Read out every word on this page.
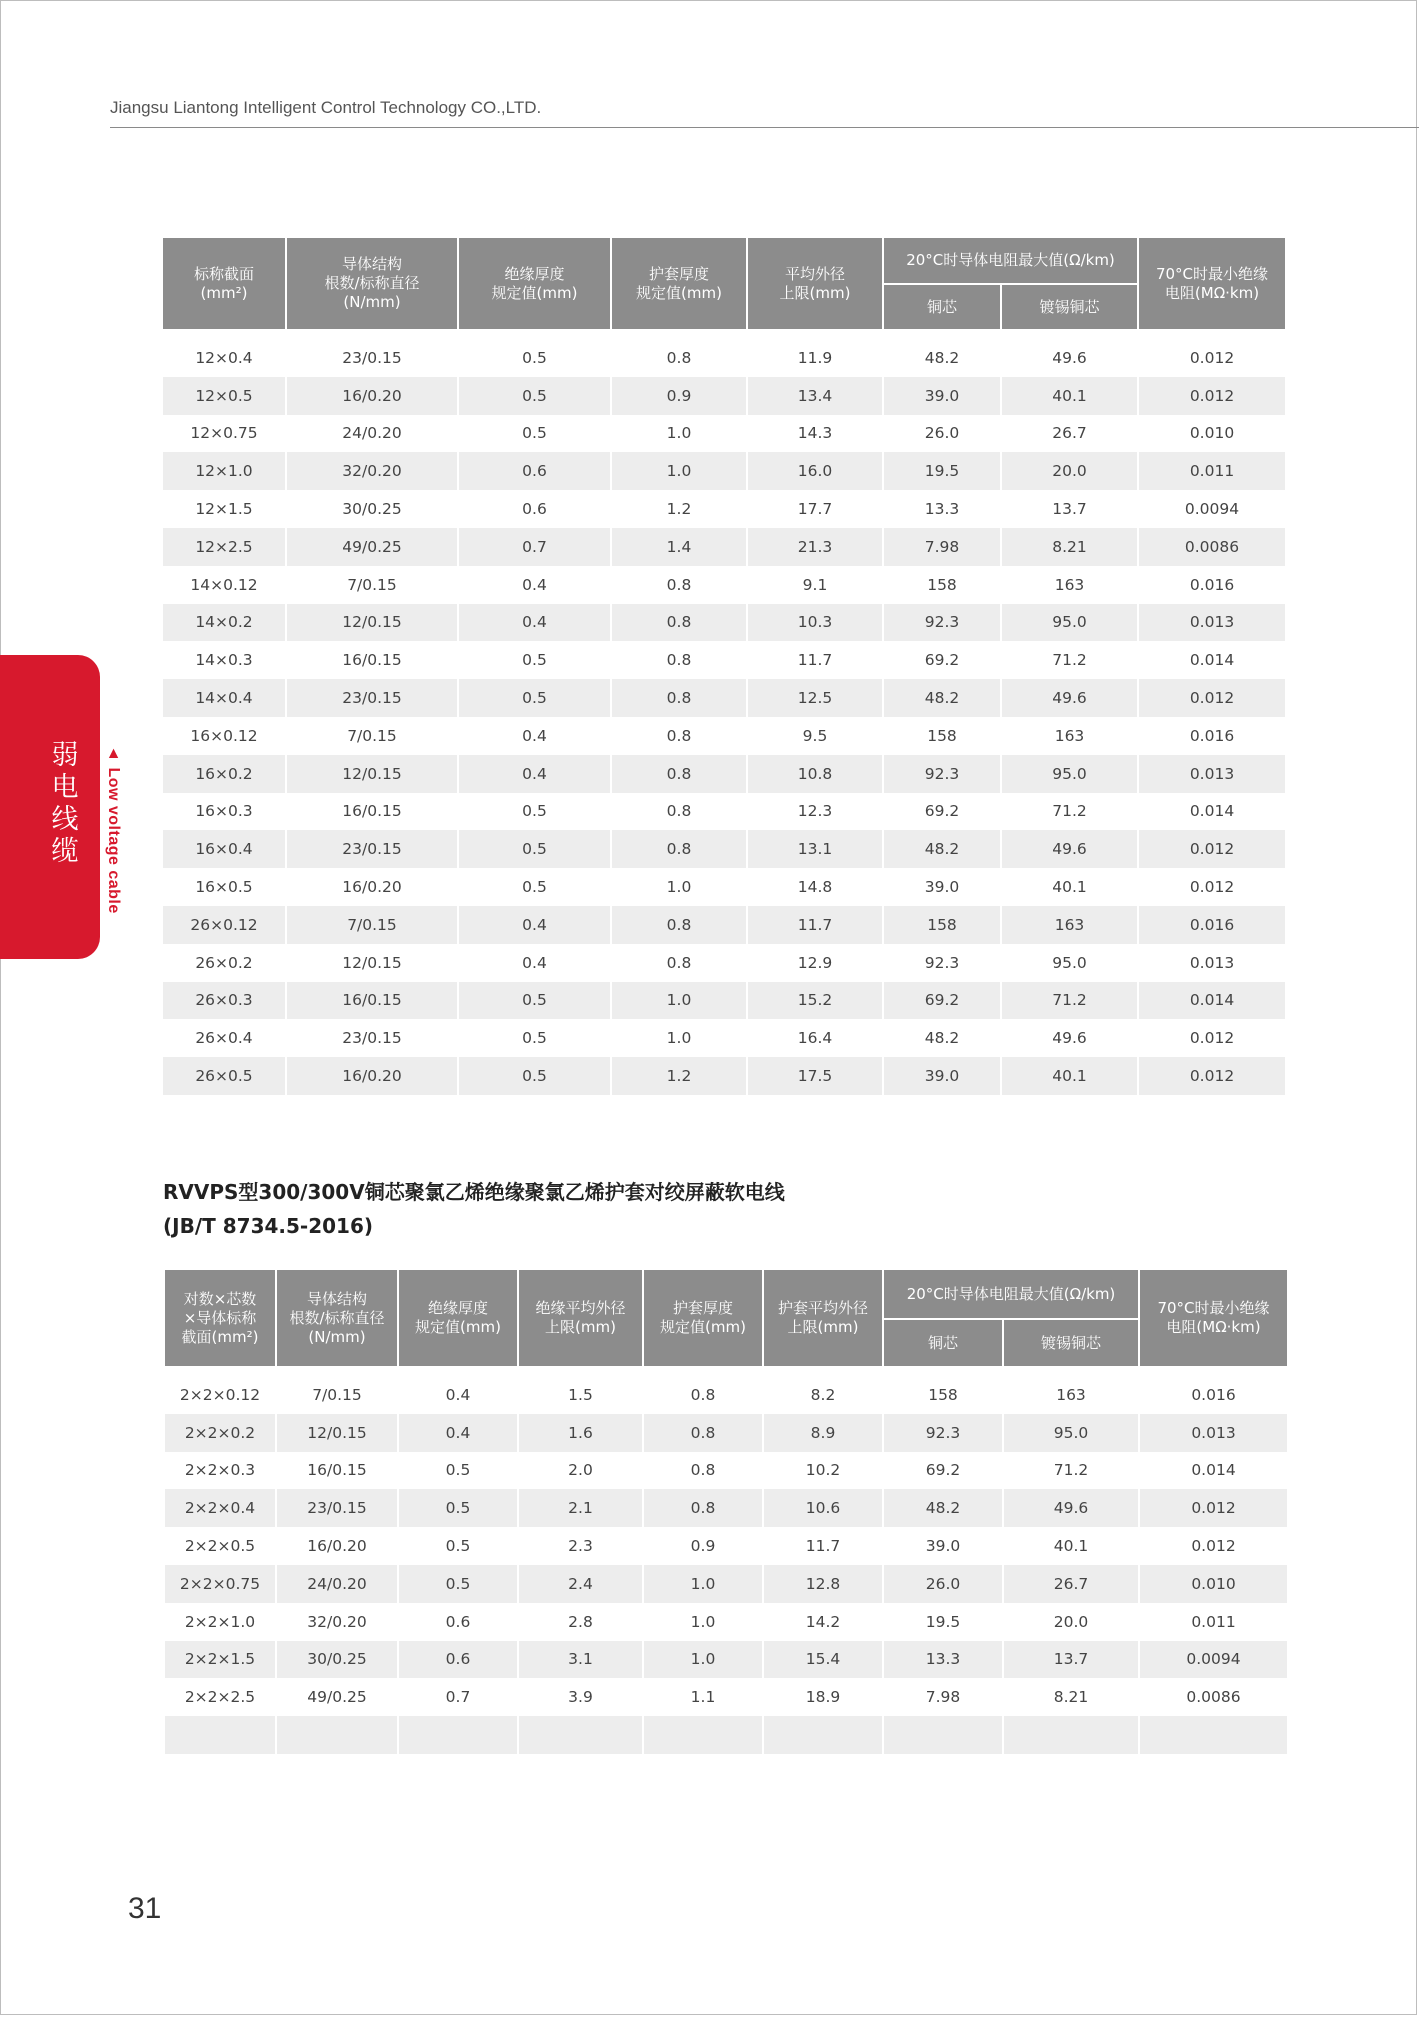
Jiangsu Liantong Intelligent Control Technology CO.,LTD.
弱电线缆 ▲ Low voltage cable
标称截面
(mm²)	导体结构
根数/标称直径
(N/mm)	绝缘厚度
规定值(mm)	护套厚度
规定值(mm)	平均外径
上限(mm)	20°C时导体电阻最大值(Ω/km)		70°C时最小绝缘
电阻(MΩ·km)
					铜芯	镀锡铜芯	

12×0.4	23/0.15	0.5	0.8	11.9	48.2	49.6	0.012
12×0.5	16/0.20	0.5	0.9	13.4	39.0	40.1	0.012
12×0.75	24/0.20	0.5	1.0	14.3	26.0	26.7	0.010
12×1.0	32/0.20	0.6	1.0	16.0	19.5	20.0	0.011
12×1.5	30/0.25	0.6	1.2	17.7	13.3	13.7	0.0094
12×2.5	49/0.25	0.7	1.4	21.3	7.98	8.21	0.0086
14×0.12	7/0.15	0.4	0.8	9.1	158	163	0.016
14×0.2	12/0.15	0.4	0.8	10.3	92.3	95.0	0.013
14×0.3	16/0.15	0.5	0.8	11.7	69.2	71.2	0.014
14×0.4	23/0.15	0.5	0.8	12.5	48.2	49.6	0.012
16×0.12	7/0.15	0.4	0.8	9.5	158	163	0.016
16×0.2	12/0.15	0.4	0.8	10.8	92.3	95.0	0.013
16×0.3	16/0.15	0.5	0.8	12.3	69.2	71.2	0.014
16×0.4	23/0.15	0.5	0.8	13.1	48.2	49.6	0.012
16×0.5	16/0.20	0.5	1.0	14.8	39.0	40.1	0.012
26×0.12	7/0.15	0.4	0.8	11.7	158	163	0.016
26×0.2	12/0.15	0.4	0.8	12.9	92.3	95.0	0.013
26×0.3	16/0.15	0.5	1.0	15.2	69.2	71.2	0.014
26×0.4	23/0.15	0.5	1.0	16.4	48.2	49.6	0.012
26×0.5	16/0.20	0.5	1.2	17.5	39.0	40.1	0.012
RVVPS型300/300V铜芯聚氯乙烯绝缘聚氯乙烯护套对绞屏蔽软电线
(JB/T 8734.5-2016)
对数×芯数
×导体标称
截面(mm²)	导体结构
根数/标称直径
(N/mm)	绝缘厚度
规定值(mm)	绝缘平均外径
上限(mm)	护套厚度
规定值(mm)	护套平均外径
上限(mm)	20°C时导体电阻最大值(Ω/km)		70°C时最小绝缘
电阻(MΩ·km)
						铜芯	镀锡铜芯	

2×2×0.12	7/0.15	0.4	1.5	0.8	8.2	158	163	0.016
2×2×0.2	12/0.15	0.4	1.6	0.8	8.9	92.3	95.0	0.013
2×2×0.3	16/0.15	0.5	2.0	0.8	10.2	69.2	71.2	0.014
2×2×0.4	23/0.15	0.5	2.1	0.8	10.6	48.2	49.6	0.012
2×2×0.5	16/0.20	0.5	2.3	0.9	11.7	39.0	40.1	0.012
2×2×0.75	24/0.20	0.5	2.4	1.0	12.8	26.0	26.7	0.010
2×2×1.0	32/0.20	0.6	2.8	1.0	14.2	19.5	20.0	0.011
2×2×1.5	30/0.25	0.6	3.1	1.0	15.4	13.3	13.7	0.0094
2×2×2.5	49/0.25	0.7	3.9	1.1	18.9	7.98	8.21	0.0086

31
